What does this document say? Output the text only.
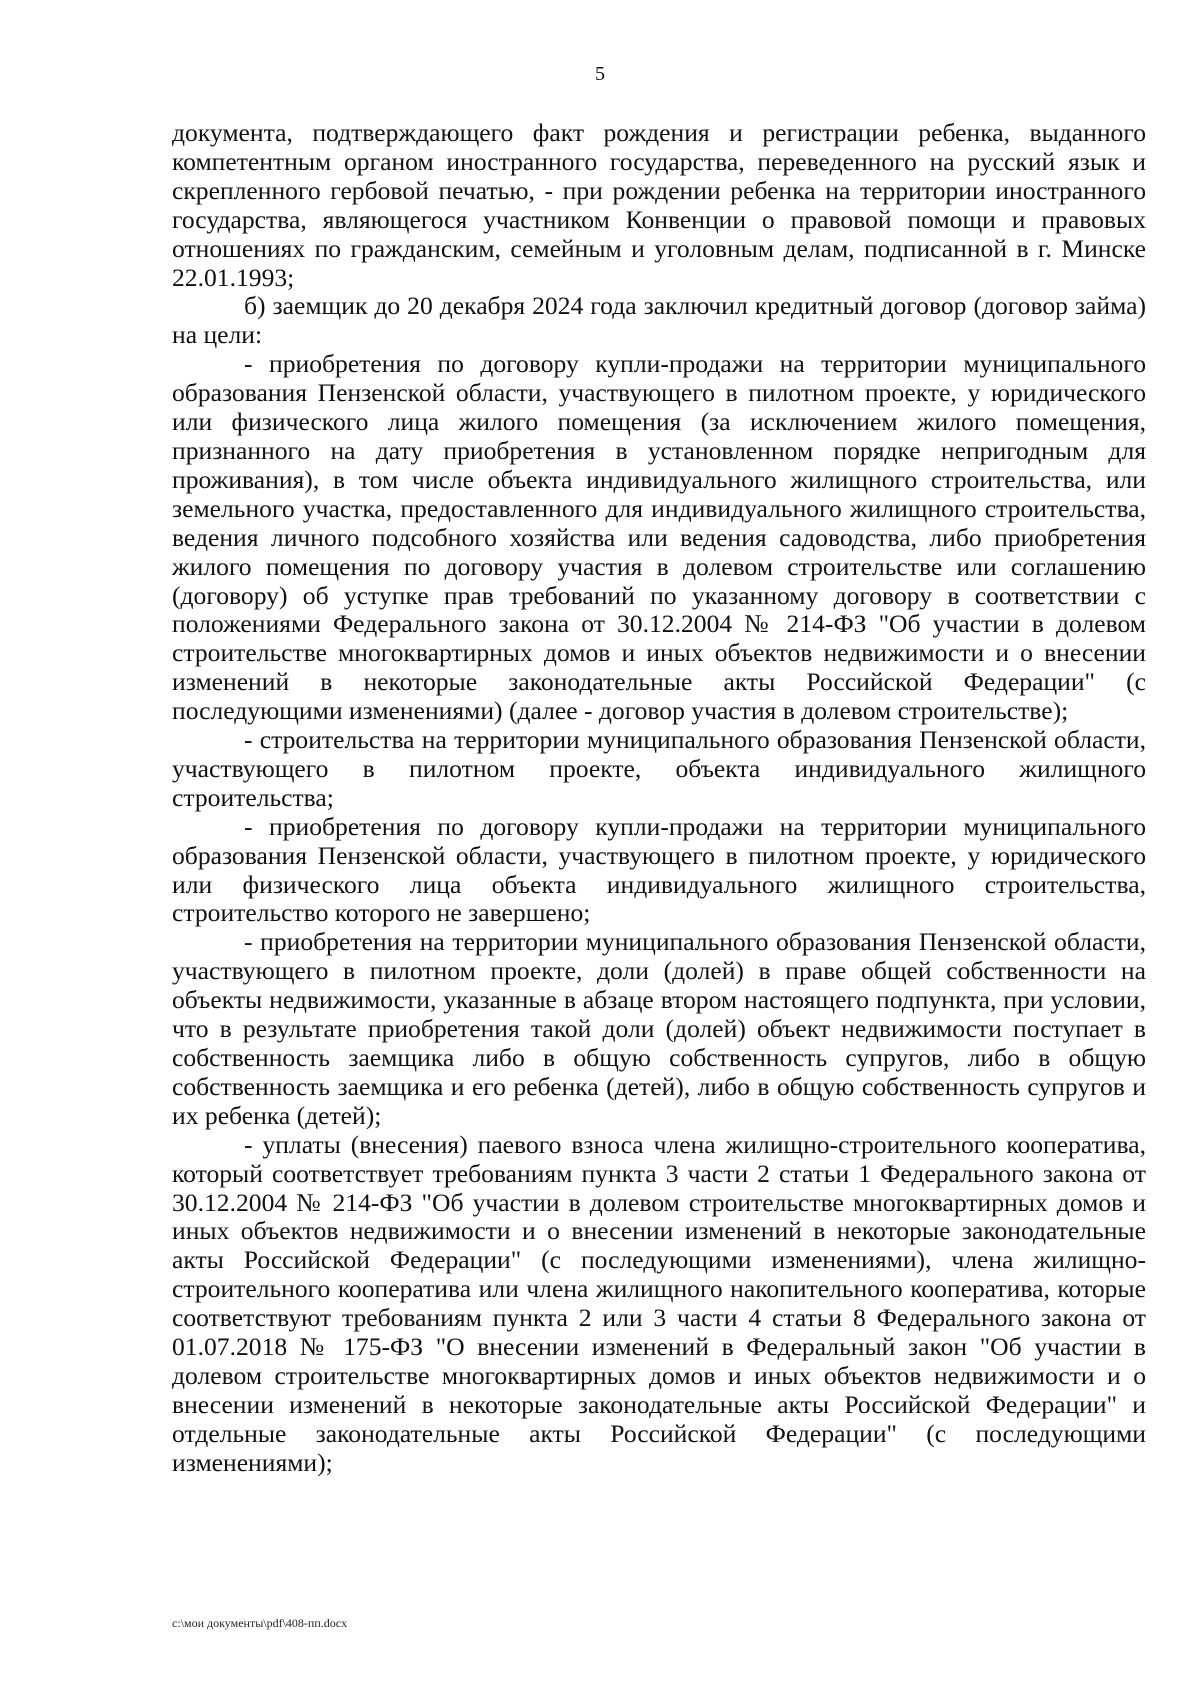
5

документа, подтверждающего факт рождения и регистрации ребенка, выданного компетентным органом иностранного государства, переведенного на русский язык и скрепленного гербовой печатью, - при рождении ребенка на территории иностранного государства, являющегося участником Конвенции о правовой помощи и правовых отношениях по гражданским, семейным и уголовным делам, подписанной в г. Минске 22.01.1993;

б) заемщик до 20 декабря 2024 года заключил кредитный договор (договор займа) на цели:

- приобретения по договору купли-продажи на территории муниципального образования Пензенской области, участвующего в пилотном проекте, у юридического или физического лица жилого помещения (за исключением жилого помещения, признанного на дату приобретения в установленном порядке непригодным для проживания), в том числе объекта индивидуального жилищного строительства, или земельного участка, предоставленного для индивидуального жилищного строительства, ведения личного подсобного хозяйства или ведения садоводства, либо приобретения жилого помещения по договору участия в долевом строительстве или соглашению (договору) об уступке прав требований по указанному договору в соответствии с положениями Федерального закона от 30.12.2004 № 214-ФЗ "Об участии в долевом строительстве многоквартирных домов и иных объектов недвижимости и о внесении изменений в некоторые законодательные акты Российской Федерации" (с последующими изменениями) (далее - договор участия в долевом строительстве);

- строительства на территории муниципального образования Пензенской области, участвующего в пилотном проекте, объекта индивидуального жилищного строительства;

- приобретения по договору купли-продажи на территории муниципального образования Пензенской области, участвующего в пилотном проекте, у юридического или физического лица объекта индивидуального жилищного строительства, строительство которого не завершено;

- приобретения на территории муниципального образования Пензенской области, участвующего в пилотном проекте, доли (долей) в праве общей собственности на объекты недвижимости, указанные в абзаце втором настоящего подпункта, при условии, что в результате приобретения такой доли (долей) объект недвижимости поступает в собственность заемщика либо в общую собственность супругов, либо в общую собственность заемщика и его ребенка (детей), либо в общую собственность супругов и их ребенка (детей);

- уплаты (внесения) паевого взноса члена жилищно-строительного кооператива, который соответствует требованиям пункта 3 части 2 статьи 1 Федерального закона от 30.12.2004 № 214-ФЗ "Об участии в долевом строительстве многоквартирных домов и иных объектов недвижимости и о внесении изменений в некоторые законодательные акты Российской Федерации" (с последующими изменениями), члена жилищно-строительного кооператива или члена жилищного накопительного кооператива, которые соответствуют требованиям пункта 2 или 3 части 4 статьи 8 Федерального закона от 01.07.2018 № 175-ФЗ "О внесении изменений в Федеральный закон "Об участии в долевом строительстве многоквартирных домов и иных объектов недвижимости и о внесении изменений в некоторые законодательные акты Российской Федерации" и отдельные законодательные акты Российской Федерации" (с последующими изменениями);

c:\мои документы\pdf\408-пп.docx
